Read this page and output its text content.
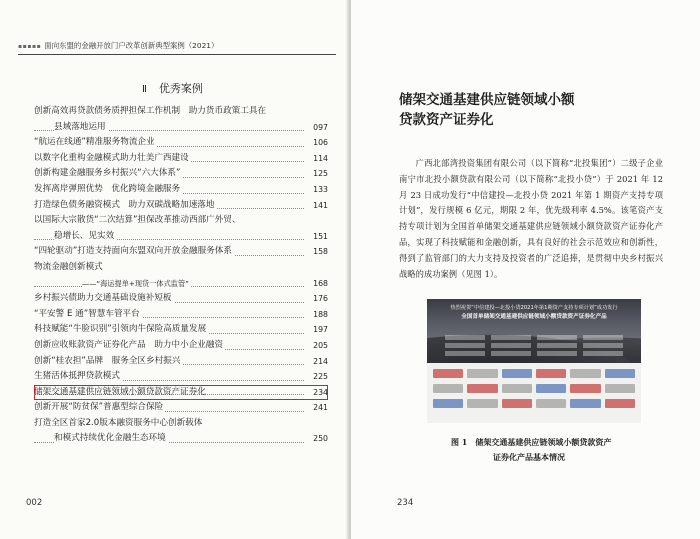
▪▪▪▪▪ 面向东盟的金融开放门户改革创新典型案例（2021）
Ⅱ 优秀案例
创新高效再贷款债务质押担保工作机制　助力货币政策工具在
县域落地运用	097
“航运在线通”精准服务物流企业	106
以数字化重构金融模式助力壮美广西建设	114
创新构建金融服务乡村振兴“六大体系”	125
发挥离岸弹照优势　优化跨境金融服务	133
打造绿色债务融资模式　助力双碳战略加速落地	141
以国际大宗散货“二次结算”担保改革推动西部广外贸、
稳增长、见实效	151
“四轮驱动”打造支持面向东盟双向开放金融服务体系	158
物流金融创新模式
——“海运提单+现货一体式监管”	168
乡村振兴债助力交通基础设施补短板	176
“平安警 E 通”智慧车管平台	188
科技赋能“牛脸识别”引领肉牛保险高质量发展	197
创新应收账款资产证券化产品　助力中小企业融资	205
创新“桂农担”品牌　服务全区乡村振兴	214
生猪活体抵押贷款模式	225
储架交通基建供应链领域小额贷款资产证券化	234
创新开展“防贫保”普惠型综合保险	241
打造全区首家2.0版本融资服务中心创新载体
和模式持续优化金融生态环境	250
002
储架交通基建供应链领域小额
贷款资产证券化
广西北部湾投资集团有限公司（以下简称“北投集团”）二级子企业南宁市北投小额贷款有限公司（以下简称“北投小贷”）于 2021 年 12 月 23 日成功发行“中信建投—北投小贷 2021 年第 1 期资产支持专项计划”，发行规模 6 亿元，期限 2 年，优先级利率 4.5%。该笔资产支持专项计划为全国首单储架交通基建供应链领域小额贷款资产证券化产品，实现了科技赋能和金融创新，具有良好的社会示范效应和创新性，得到了监管部门的大力支持及投资者的广泛追捧，是贯彻中央乡村振兴战略的成功案例（见图 1）。
热烈祝贺“中信建投—北投小贷2021年第1期资产支持专项计划”成功发行
全国首单储架交通基建供应链领域小额贷款资产证券化产品
图 1　 储架交通基建供应链领域小额贷款资产
证券化产品基本情况
234
